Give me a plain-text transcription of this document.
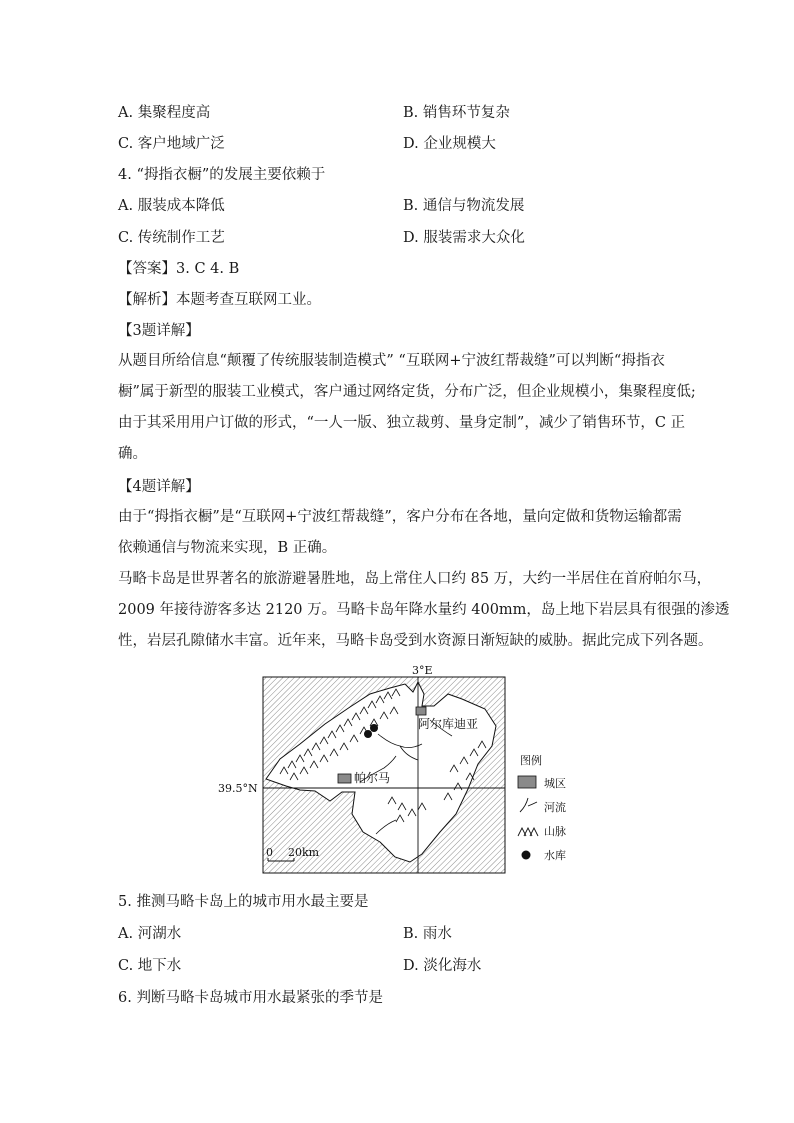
A. 集聚程度高	B. 销售环节复杂
C. 客户地域广泛	D. 企业规模大
4. “拇指衣橱”的发展主要依赖于
A. 服装成本降低	B. 通信与物流发展
C. 传统制作工艺	D. 服装需求大众化
【答案】3. C 4. B
【解析】本题考查互联网工业。
【3题详解】
从题目所给信息“颠覆了传统服装制造模式” “互联网+宁波红帮裁缝”可以判断“拇指衣
橱”属于新型的服装工业模式，客户通过网络定货，分布广泛，但企业规模小，集聚程度低;
由于其采用用户订做的形式，“一人一版、独立裁剪、量身定制”，减少了销售环节，C 正
确。
【4题详解】
由于“拇指衣橱”是“互联网+宁波红帮裁缝”，客户分布在各地，量向定做和货物运输都需
依赖通信与物流来实现，B 正确。
马略卡岛是世界著名的旅游避暑胜地，岛上常住人口约 85 万，大约一半居住在首府帕尔马，
2009 年接待游客多达 2120 万。马略卡岛年降水量约 400mm，岛上地下岩层具有很强的渗透
性，岩层孔隙储水丰富。近年来，马略卡岛受到水资源日渐短缺的威胁。据此完成下列各题。
3°E
阿尔库迪亚
帕尔马
39.5°N
0 20km
图例
城区
河流
山脉
水库
5. 推测马略卡岛上的城市用水最主要是
A. 河湖水	B. 雨水
C. 地下水	D. 淡化海水
6. 判断马略卡岛城市用水最紧张的季节是
